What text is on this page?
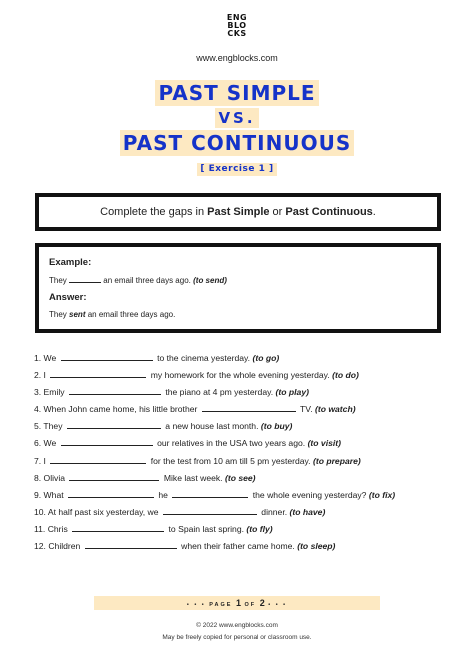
ENG
BLO
CKS
www.engblocks.com
PAST SIMPLE
VS.
PAST CONTINUOUS
[ Exercise 1 ]
Complete the gaps in Past Simple or Past Continuous.
Example:
They	an email three days ago. (to send)
Answer:
They sent an email three days ago.
1. We	to the cinema yesterday. (to go)
2. I	my homework for the whole evening yesterday. (to do)
3. Emily	the piano at 4 pm yesterday. (to play)
4. When John came home, his little brother	TV. (to watch)
5. They	a new house last month. (to buy)
6. We	our relatives in the USA two years ago. (to visit)
7. I	for the test from 10 am till 5 pm yesterday. (to prepare)
8. Olivia	Mike last week. (to see)
9. What	he	the whole evening yesterday? (to fix)
10. At half past six yesterday, we	dinner. (to have)
11. Chris	to Spain last spring. (to fly)
12. Children	when their father came home. (to sleep)
• • • PAGE 1 OF 2 • • •
© 2022 www.engblocks.com
May be freely copied for personal or classroom use.
